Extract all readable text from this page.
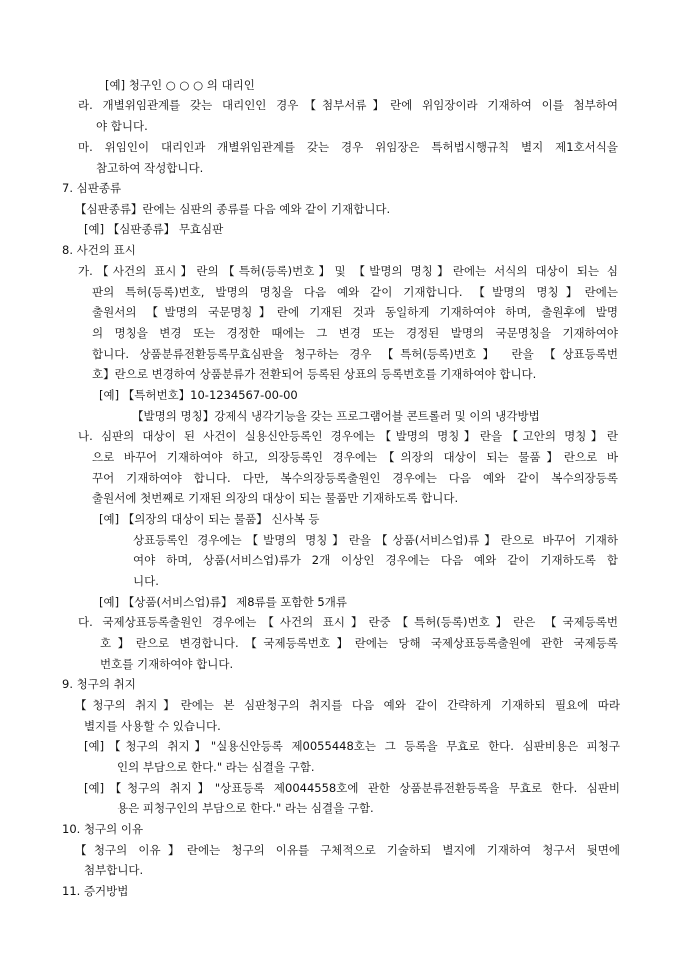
[예] 청구인 ○ ○ ○ 의 대리인
라. 개별위임관계를 갖는 대리인인 경우【첨부서류】란에 위임장이라 기재하여 이를 첨부하여
야 합니다.
마. 위임인이 대리인과 개별위임관계를 갖는 경우 위임장은 특허법시행규칙 별지 제1호서식을
참고하여 작성합니다.
7. 심판종류
【심판종류】란에는 심판의 종류를 다음 예와 같이 기재합니다.
[예] 【심판종류】 무효심판
8. 사건의 표시
가.【사건의 표시】란의【특허(등록)번호】및 【발명의 명칭】란에는 서식의 대상이 되는 심
판의 특허(등록)번호, 발명의 명칭을 다음 예와 같이 기재합니다. 【발명의 명칭】란에는
출원서의 【발명의 국문명칭】란에 기재된 것과 동일하게 기재하여야 하며, 출원후에 발명
의 명칭을 변경 또는 경정한 때에는 그 변경 또는 경정된 발명의 국문명칭을 기재하여야
합니다. 상품분류전환등록무효심판을 청구하는 경우 【특허(등록)번호】 란을 【상표등록번
호】란으로 변경하여 상품분류가 전환되어 등록된 상표의 등록번호를 기재하여야 합니다.
[예] 【특허번호】10-1234567-00-00
【발명의 명칭】강제식 냉각기능을 갖는 프로그램어블 콘트롤러 및 이의 냉각방법
나. 심판의 대상이 된 사건이 실용신안등록인 경우에는【발명의 명칭】란을【고안의 명칭】란
으로 바꾸어 기재하여야 하고, 의장등록인 경우에는【의장의 대상이 되는 물품】란으로 바
꾸어 기재하여야 합니다. 다만, 복수의장등록출원인 경우에는 다음 예와 같이 복수의장등록
출원서에 첫번째로 기재된 의장의 대상이 되는 물품만 기재하도록 합니다.
[예] 【의장의 대상이 되는 물품】 신사복 등
상표등록인 경우에는【발명의 명칭】란을【상품(서비스업)류】란으로 바꾸어 기재하
여야 하며, 상품(서비스업)류가 2개 이상인 경우에는 다음 예와 같이 기재하도록 합
니다.
[예] 【상품(서비스업)류】 제8류를 포함한 5개류
다. 국제상표등록출원인 경우에는【사건의 표시】란중【특허(등록)번호】란은 【국제등록번
호】란으로 변경합니다.【국제등록번호】란에는 당해 국제상표등록출원에 관한 국제등록
번호를 기재하여야 합니다.
9. 청구의 취지
【청구의 취지】란에는 본 심판청구의 취지를 다음 예와 같이 간략하게 기재하되 필요에 따라
별지를 사용할 수 있습니다.
[예]【청구의 취지】"실용신안등록 제0055448호는 그 등록을 무효로 한다. 심판비용은 피청구
인의 부담으로 한다." 라는 심결을 구함.
[예]【청구의 취지】"상표등록 제0044558호에 관한 상품분류전환등록을 무효로 한다. 심판비
용은 피청구인의 부담으로 한다." 라는 심결을 구함.
10. 청구의 이유
【청구의 이유】란에는 청구의 이유를 구체적으로 기술하되 별지에 기재하여 청구서 뒷면에
첨부합니다.
11. 증거방법
